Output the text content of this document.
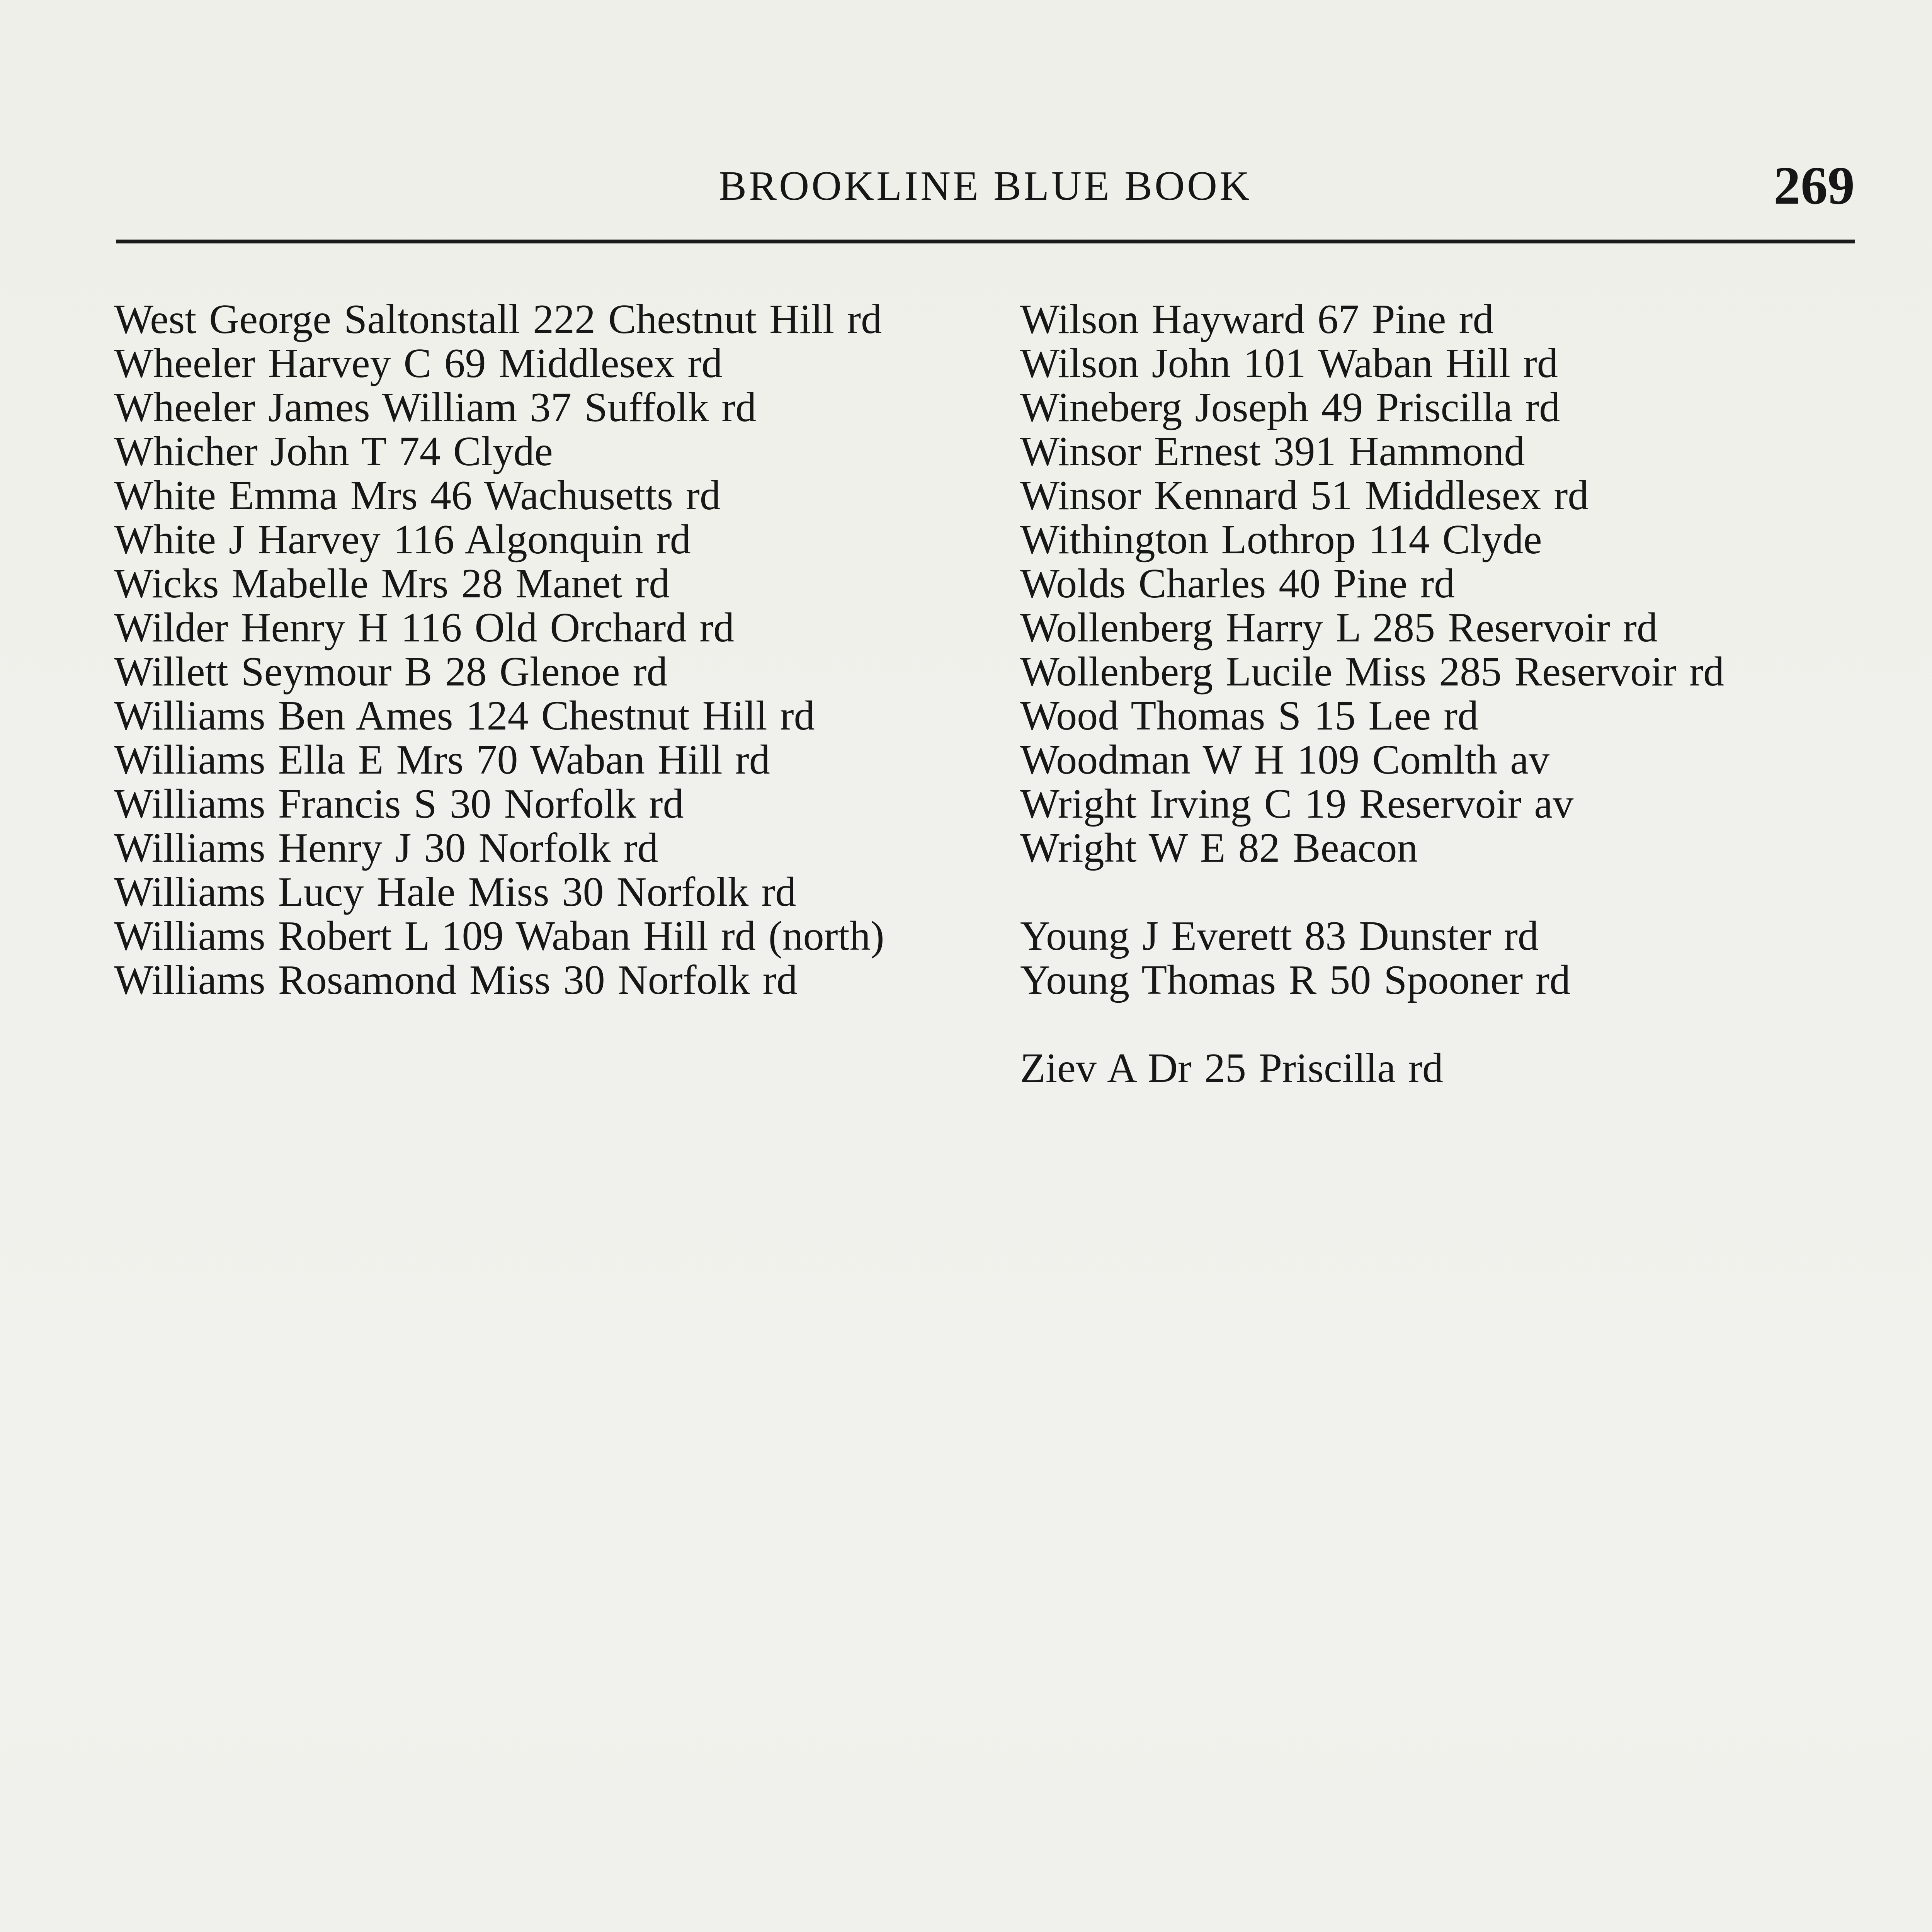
BROOKLINE BLUE BOOK	269

West George Saltonstall 222 Chestnut Hill rd

Wheeler Harvey C 69 Middlesex rd

Wheeler James William 37 Suffolk rd

Whicher John T 74 Clyde

White Emma Mrs 46 Wachusetts rd

White J Harvey 116 Algonquin rd

Wicks Mabelle Mrs 28 Manet rd

Wilder Henry H 116 Old Orchard rd

Willett Seymour B 28 Glenoe rd

Williams Ben Ames 124 Chestnut Hill rd

Williams Ella E Mrs 70 Waban Hill rd

Williams Francis S 30 Norfolk rd

Williams Henry J 30 Norfolk rd

Williams Lucy Hale Miss 30 Norfolk rd

Williams Robert L 109 Waban Hill rd (north)

Williams Rosamond Miss 30 Norfolk rd

Wilson Hayward 67 Pine rd

Wilson John 101 Waban Hill rd

Wineberg Joseph 49 Priscilla rd

Winsor Ernest 391 Hammond

Winsor Kennard 51 Middlesex rd

Withington Lothrop 114 Clyde

Wolds Charles 40 Pine rd

Wollenberg Harry L 285 Reservoir rd

Wollenberg Lucile Miss 285 Reservoir rd

Wood Thomas S 15 Lee rd

Woodman W H 109 Comlth av

Wright Irving C 19 Reservoir av

Wright W E 82 Beacon

Young J Everett 83 Dunster rd

Young Thomas R 50 Spooner rd

Ziev A Dr 25 Priscilla rd
